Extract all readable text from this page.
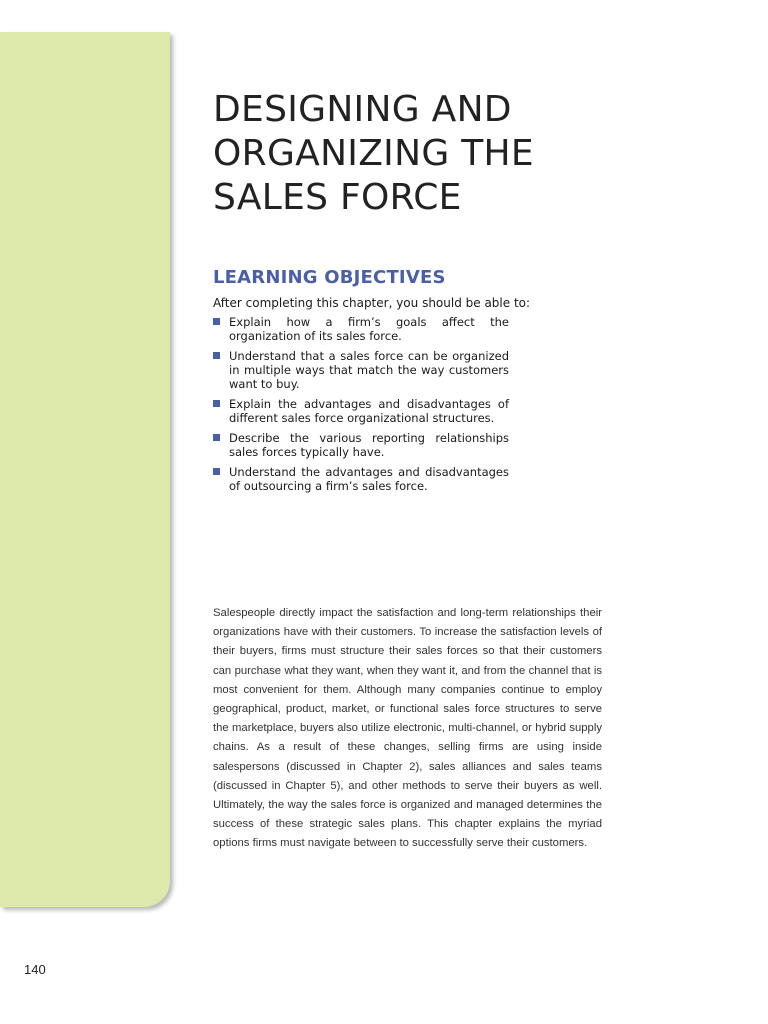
DESIGNING AND
ORGANIZING THE
SALES FORCE
LEARNING OBJECTIVES

After completing this chapter, you should be able to:

Explain how a firm’s goals affect the organization of its sales force.
Understand that a sales force can be organized in multiple ways that match the way customers want to buy.
Explain the advantages and disadvantages of different sales force organizational structures.
Describe the various reporting relationships sales forces typically have.
Understand the advantages and disadvantages of outsourcing a firm’s sales force.

Salespeople directly impact the satisfaction and long-term relationships their organizations have with their customers. To increase the satisfaction levels of their buyers, firms must structure their sales forces so that their customers can purchase what they want, when they want it, and from the channel that is most convenient for them. Although many companies continue to employ geographical, product, market, or functional sales force structures to serve the marketplace, buyers also utilize electronic, multi-channel, or hybrid supply chains. As a result of these changes, selling firms are using inside salespersons (discussed in Chapter 2), sales alliances and sales teams (discussed in Chapter 5), and other methods to serve their buyers as well. Ultimately, the way the sales force is organized and managed determines the success of these strategic sales plans. This chapter explains the myriad options firms must navigate between to successfully serve their customers.

140
